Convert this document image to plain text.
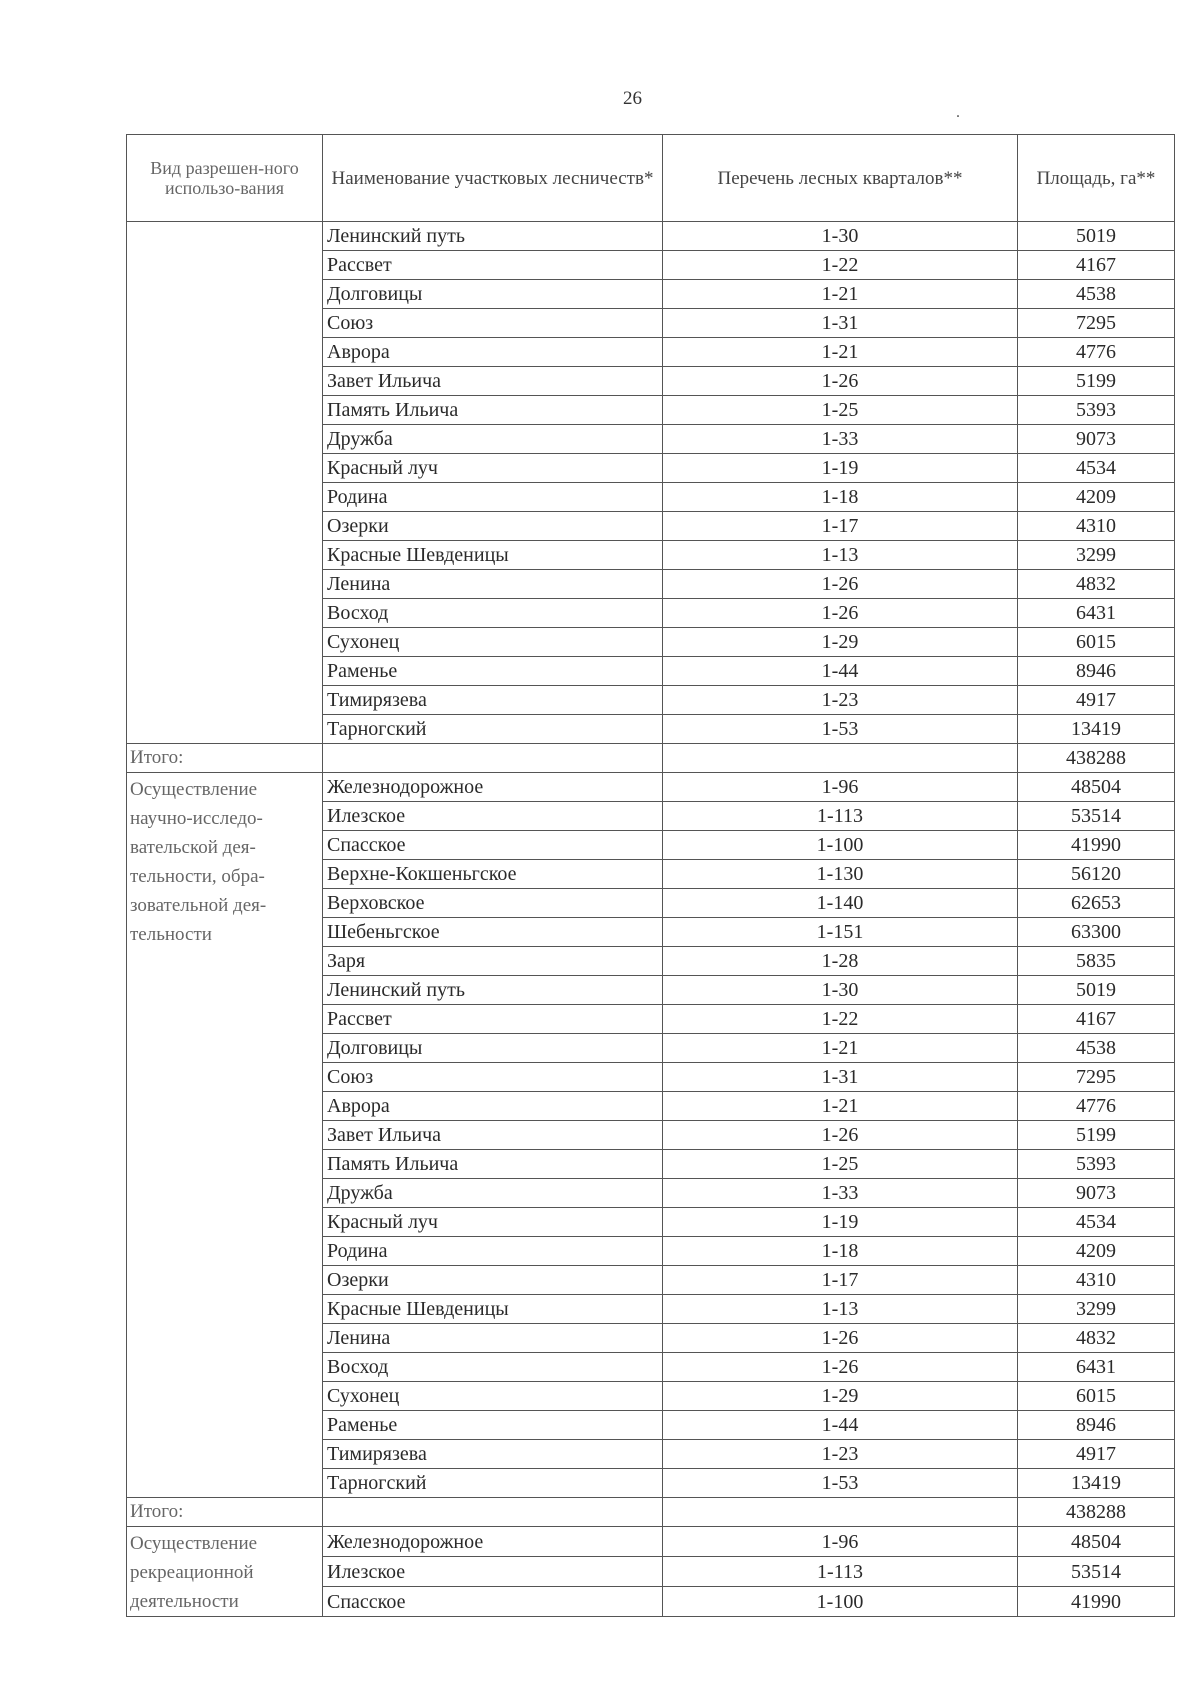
26
.
Вид разрешен-ного использо-вания	Наименование участковых лесничеств*	Перечень лесных кварталов**	Площадь, га**
	Ленинский путь	1-30	5019
	Рассвет	1-22	4167
	Долговицы	1-21	4538
	Союз	1-31	7295
	Аврора	1-21	4776
	Завет Ильича	1-26	5199
	Память Ильича	1-25	5393
	Дружба	1-33	9073
	Красный луч	1-19	4534
	Родина	1-18	4209
	Озерки	1-17	4310
	Красные Шевденицы	1-13	3299
	Ленина	1-26	4832
	Восход	1-26	6431
	Сухонец	1-29	6015
	Раменье	1-44	8946
	Тимирязева	1-23	4917
	Тарногский	1-53	13419
Итого:			438288
Осуществление научно-исследо-вательской дея-тельности, обра-зовательной дея-тельности	Железнодорожное	1-96	48504
	Илезское	1-113	53514
	Спасское	1-100	41990
	Верхне-Кокшеньгское	1-130	56120
	Верховское	1-140	62653
	Шебеньгское	1-151	63300
	Заря	1-28	5835
	Ленинский путь	1-30	5019
	Рассвет	1-22	4167
	Долговицы	1-21	4538
	Союз	1-31	7295
	Аврора	1-21	4776
	Завет Ильича	1-26	5199
	Память Ильича	1-25	5393
	Дружба	1-33	9073
	Красный луч	1-19	4534
	Родина	1-18	4209
	Озерки	1-17	4310
	Красные Шевденицы	1-13	3299
	Ленина	1-26	4832
	Восход	1-26	6431
	Сухонец	1-29	6015
	Раменье	1-44	8946
	Тимирязева	1-23	4917
	Тарногский	1-53	13419
Итого:			438288
Осуществление рекреационной деятельности	Железнодорожное	1-96	48504
	Илезское	1-113	53514
	Спасское	1-100	41990
